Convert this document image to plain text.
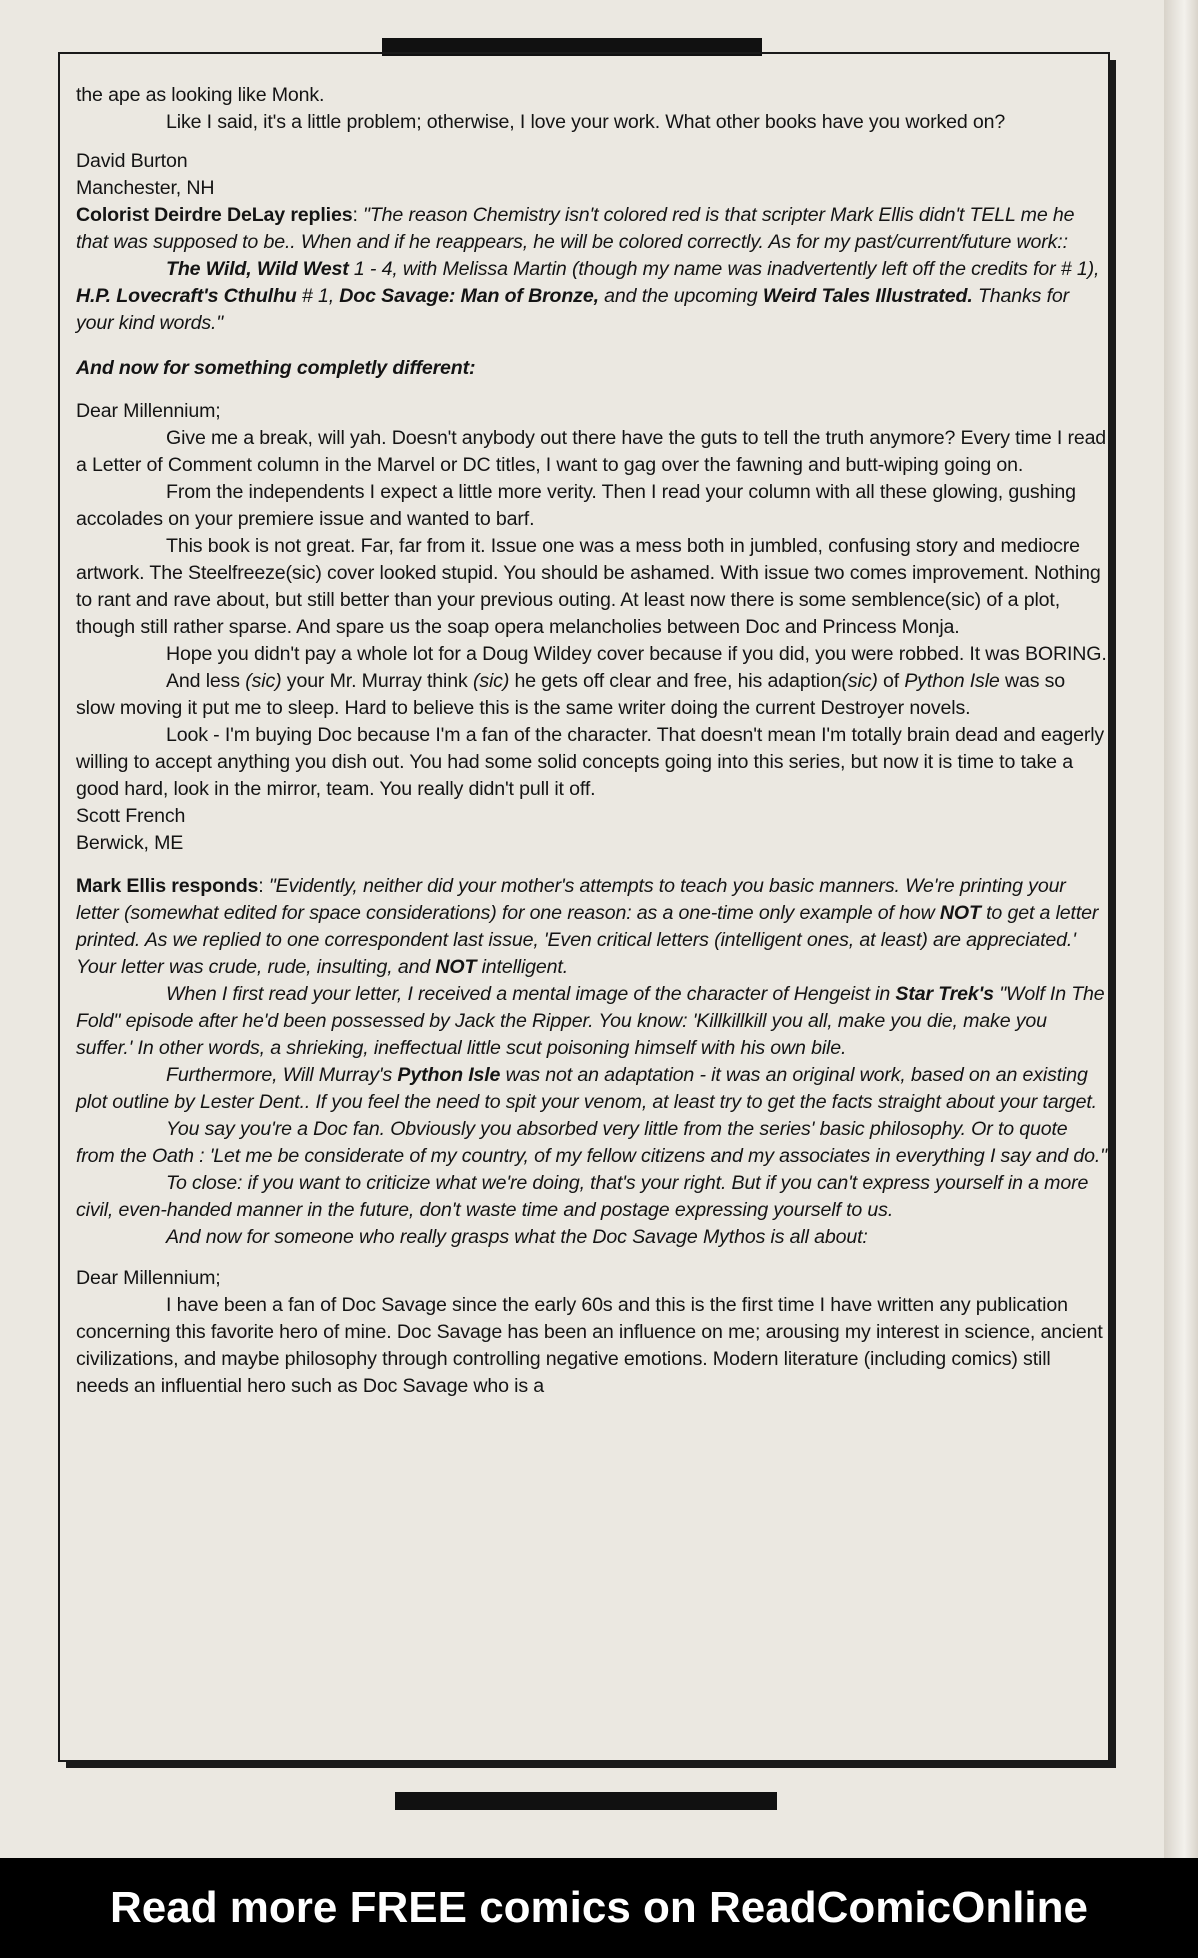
the ape as looking like Monk.

Like I said, it's a little problem; otherwise, I love your work. What other books have you worked on?

David Burton

Manchester, NH

Colorist Deirdre DeLay replies: "The reason Chemistry isn't colored red is that scripter Mark Ellis didn't TELL me he that was supposed to be.. When and if he reappears, he will be colored correctly. As for my past/current/future work::

The Wild, Wild West 1 - 4, with Melissa Martin (though my name was inadvertently left off the credits for # 1), H.P. Lovecraft's Cthulhu # 1, Doc Savage: Man of Bronze, and the upcoming Weird Tales Illustrated. Thanks for your kind words."

And now for something completly different:

Dear Millennium;

Give me a break, will yah. Doesn't anybody out there have the guts to tell the truth anymore? Every time I read a Letter of Comment column in the Marvel or DC titles, I want to gag over the fawning and butt-wiping going on.

From the independents I expect a little more verity. Then I read your column with all these glowing, gushing accolades on your premiere issue and wanted to barf.

This book is not great. Far, far from it. Issue one was a mess both in jumbled, confusing story and mediocre artwork. The Steelfreeze(sic) cover looked stupid. You should be ashamed. With issue two comes improvement. Nothing to rant and rave about, but still better than your previous outing. At least now there is some semblence(sic) of a plot, though still rather sparse. And spare us the soap opera melancholies between Doc and Princess Monja.

Hope you didn't pay a whole lot for a Doug Wildey cover because if you did, you were robbed. It was BORING.

And less (sic) your Mr. Murray think (sic) he gets off clear and free, his adaption(sic) of Python Isle was so slow moving it put me to sleep. Hard to believe this is the same writer doing the current Destroyer novels.

Look - I'm buying Doc because I'm a fan of the character. That doesn't mean I'm totally brain dead and eagerly willing to accept anything you dish out. You had some solid concepts going into this series, but now it is time to take a good hard, look in the mirror, team. You really didn't pull it off.

Scott French

Berwick, ME

Mark Ellis responds: "Evidently, neither did your mother's attempts to teach you basic manners. We're printing your letter (somewhat edited for space considerations) for one reason: as a one-time only example of how NOT to get a letter printed. As we replied to one correspondent last issue, 'Even critical letters (intelligent ones, at least) are appreciated.' Your letter was crude, rude, insulting, and NOT intelligent.

When I first read your letter, I received a mental image of the character of Hengeist in Star Trek's "Wolf In The Fold" episode after he'd been possessed by Jack the Ripper. You know: 'Killkillkill you all, make you die, make you suffer.' In other words, a shrieking, ineffectual little scut poisoning himself with his own bile.

Furthermore, Will Murray's Python Isle was not an adaptation - it was an original work, based on an existing plot outline by Lester Dent.. If you feel the need to spit your venom, at least try to get the facts straight about your target.

You say you're a Doc fan. Obviously you absorbed very little from the series' basic philosophy. Or to quote from the Oath : 'Let me be considerate of my country, of my fellow citizens and my associates in everything I say and do."

To close: if you want to criticize what we're doing, that's your right. But if you can't express yourself in a more civil, even-handed manner in the future, don't waste time and postage expressing yourself to us.

And now for someone who really grasps what the Doc Savage Mythos is all about:

Dear Millennium;

I have been a fan of Doc Savage since the early 60s and this is the first time I have written any publication concerning this favorite hero of mine. Doc Savage has been an influence on me; arousing my interest in science, ancient civilizations, and maybe philosophy through controlling negative emotions. Modern literature (including comics) still needs an influential hero such as Doc Savage who is a

Read more FREE comics on ReadComicOnline
